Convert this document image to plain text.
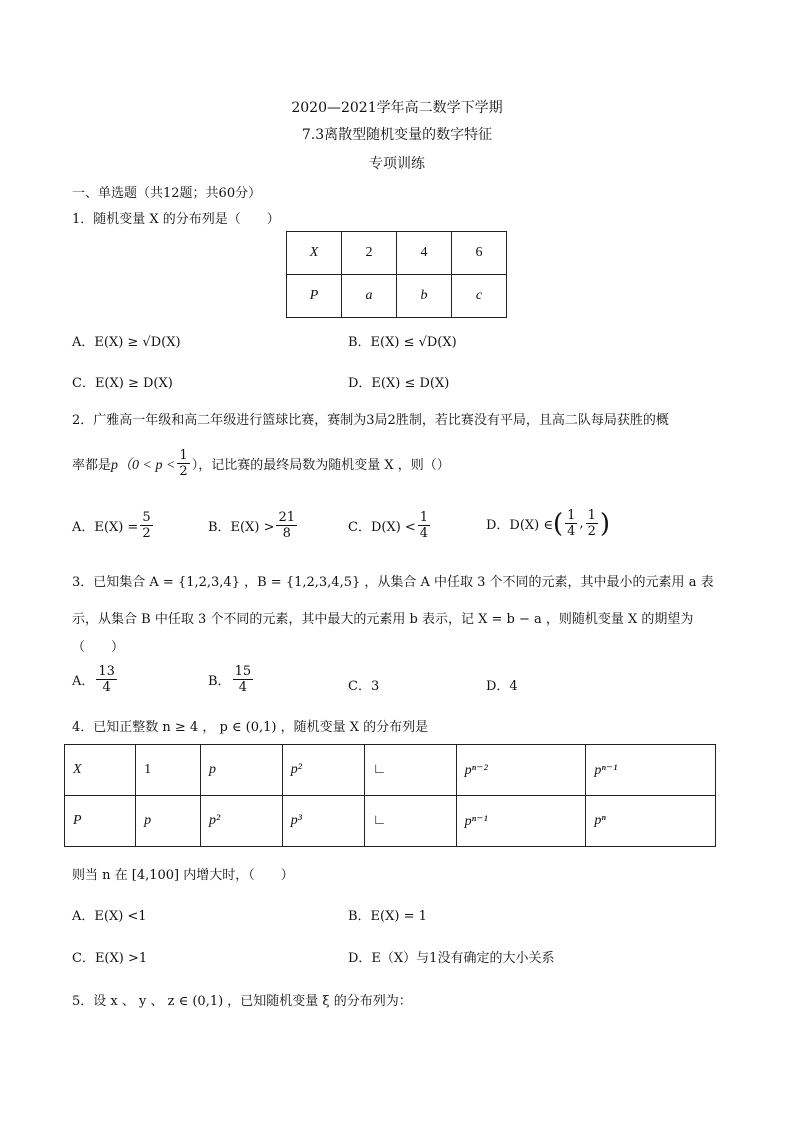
2020—2021学年高二数学下学期
7.3离散型随机变量的数字特征
专项训练
一、单选题（共12题；共60分）
1．随机变量 X 的分布列是（　　）
X	2	4	6
P	a	b	c
A．E(X) ≥ √D(X)	B．E(X) ≤ √D(X)
C．E(X) ≥ D(X)	D．E(X) ≤ D(X)
2．广雅高一年级和高二年级进行篮球比赛，赛制为3局2胜制，若比赛没有平局，且高二队每局获胜的概
率都是 $p(0 < p < \frac{1}{2}$ ），记比赛的最终局数为随机变量 X ，则（）
A．$E(X) = \frac{5}{2}$	B．$E(X) > \frac{21}{8}$	C．$D(X) < \frac{1}{4}$	D．D(X) ∈ ( $\frac{1}{4}$ , $\frac{1}{2}$ )
3．已知集合 A = {1,2,3,4} ，B = {1,2,3,4,5} ，从集合 A 中任取 3 个不同的元素，其中最小的元素用 a 表
示，从集合 B 中任取 3 个不同的元素，其中最大的元素用 b 表示，记 X = b − a ，则随机变量 X 的期望为
（　　）
A． $\frac{13}{4}$	B． $\frac{15}{4}$	C．3	D．4
4．已知正整数 n ≥ 4 ， p ∈ (0,1) ，随机变量 X 的分布列是
X	1	p	p²	∟	pⁿ⁻²	pⁿ⁻¹
P	p	p²	p³	∟	pⁿ⁻¹	pⁿ
则当 n 在 [4,100] 内增大时，（　　）
A．E(X) <1	B．E(X) = 1
C．E(X) >1	D．E（X）与1没有确定的大小关系
5．设 x 、 y 、 z ∈ (0,1) ，已知随机变量 ξ 的分布列为：
